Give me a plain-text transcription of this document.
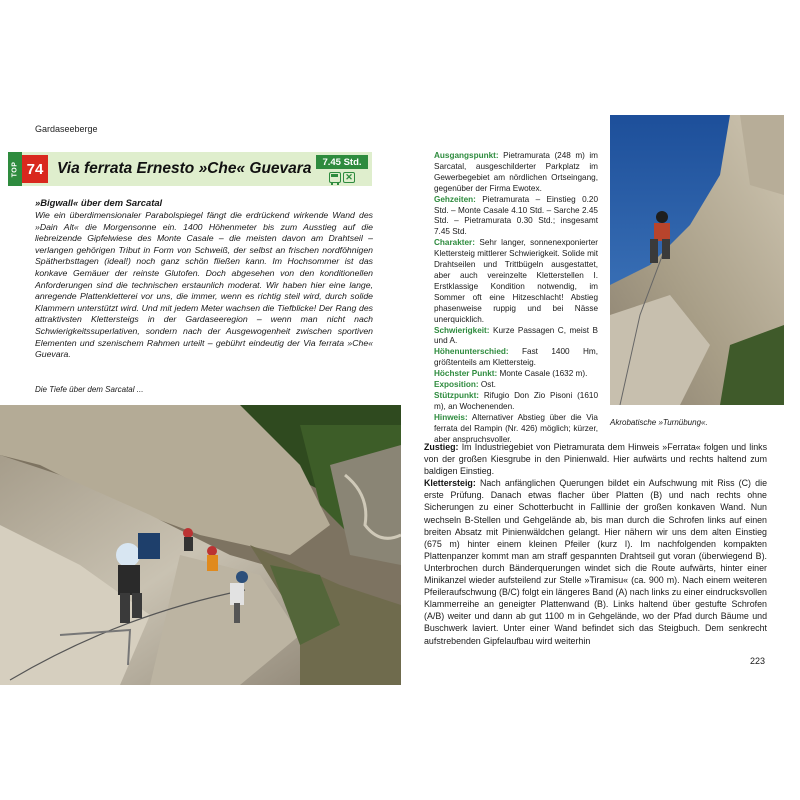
Gardaseeberge
TOP 74 Via ferrata Ernesto »Che« Guevara	7.45 Std.
✕
»Bigwall« über dem Sarcatal
Wie ein überdimensionaler Parabolspiegel fängt die erdrückend wirkende Wand des »Dain Alt« die Morgensonne ein. 1400 Höhenmeter bis zum Ausstieg auf die liebreizende Gipfelwiese des Monte Casale – die meisten davon am Drahtseil – verlangen gehörigen Tribut in Form von Schweiß, der selbst an frischen nordföhnigen Spätherbsttagen (ideal!) noch ganz schön fließen kann. Im Hochsommer ist das konkave Gemäuer der reinste Glutofen. Doch abgesehen von den konditionellen Anforderungen sind die technischen erstaunlich moderat. Wir haben hier eine lange, anregende Plattenkletterei vor uns, die immer, wenn es richtig steil wird, durch solide Klammern unterstützt wird. Und mit jedem Meter wachsen die Tiefblicke! Der Rang des attraktivsten Klettersteigs in der Gardaseeregion – wenn man nicht nach Schwierigkeitssuperlativen, sondern nach der Ausgewogenheit zwischen sportiven Elementen und szenischem Rahmen urteilt – gebührt eindeutig der Via ferrata »Che« Guevara.
Die Tiefe über dem Sarcatal ...
Akrobatische »Turnübung«.
Ausgangspunkt: Pietramurata (248 m) im Sarcatal, ausgeschilderter Parkplatz im Gewerbegebiet am nördlichen Ortseingang, gegenüber der Firma Ewotex.
Gehzeiten: Pietramurata – Einstieg 0.20 Std. – Monte Casale 4.10 Std. – Sarche 2.45 Std. – Pietramurata 0.30 Std.; insgesamt 7.45 Std.
Charakter: Sehr langer, sonnenexponierter Klettersteig mittlerer Schwierigkeit. Solide mit Drahtseilen und Trittbügeln ausgestattet, aber auch vereinzelte Kletterstellen I. Erstklassige Kondition notwendig, im Sommer oft eine Hitzeschlacht! Abstieg phasenweise ruppig und bei Nässe unerquicklich.
Schwierigkeit: Kurze Passagen C, meist B und A.
Höhenunterschied: Fast 1400 Hm, größtenteils am Klettersteig.
Höchster Punkt: Monte Casale (1632 m).
Exposition: Ost.
Stützpunkt: Rifugio Don Zio Pisoni (1610 m), an Wochenenden.
Hinweis: Alternativer Abstieg über die Via ferrata del Rampin (Nr. 426) möglich; kürzer, aber anspruchsvoller.
Zustieg: Im Industriegebiet von Pietramurata dem Hinweis »Ferrata« folgen und links von der großen Kiesgrube in den Pinienwald. Hier aufwärts und rechts haltend zum baldigen Einstieg.
Klettersteig: Nach anfänglichen Querungen bildet ein Aufschwung mit Riss (C) die erste Prüfung. Danach etwas flacher über Platten (B) und nach rechts ohne Sicherungen zu einer Schotterbucht in Falllinie der großen konkaven Wand. Nun wechseln B-Stellen und Gehgelände ab, bis man durch die Schrofen links auf einen breiten Absatz mit Pinienwäldchen gelangt. Hier nähern wir uns dem alten Einstieg (675 m) hinter einem kleinen Pfeiler (kurz I). Im nachfolgenden kompakten Plattenpanzer kommt man am straff gespannten Drahtseil gut voran (überwiegend B). Unterbrochen durch Bänderquerungen windet sich die Route aufwärts, hinter einer Minikanzel wieder aufsteilend zur Stelle »Tiramisu« (ca. 900 m). Nach einem weiteren Pfeileraufschwung (B/C) folgt ein längeres Band (A) nach links zu einer eindrucksvollen Klammerreihe an geneigter Plattenwand (B). Links haltend über gestufte Schrofen (A/B) weiter und dann ab gut 1100 m in Gehgelände, wo der Pfad durch Bäume und Buschwerk laviert. Unter einer Wand befindet sich das Steigbuch. Dem senkrecht aufstrebenden Gipfelaufbau wird weiterhin
223
